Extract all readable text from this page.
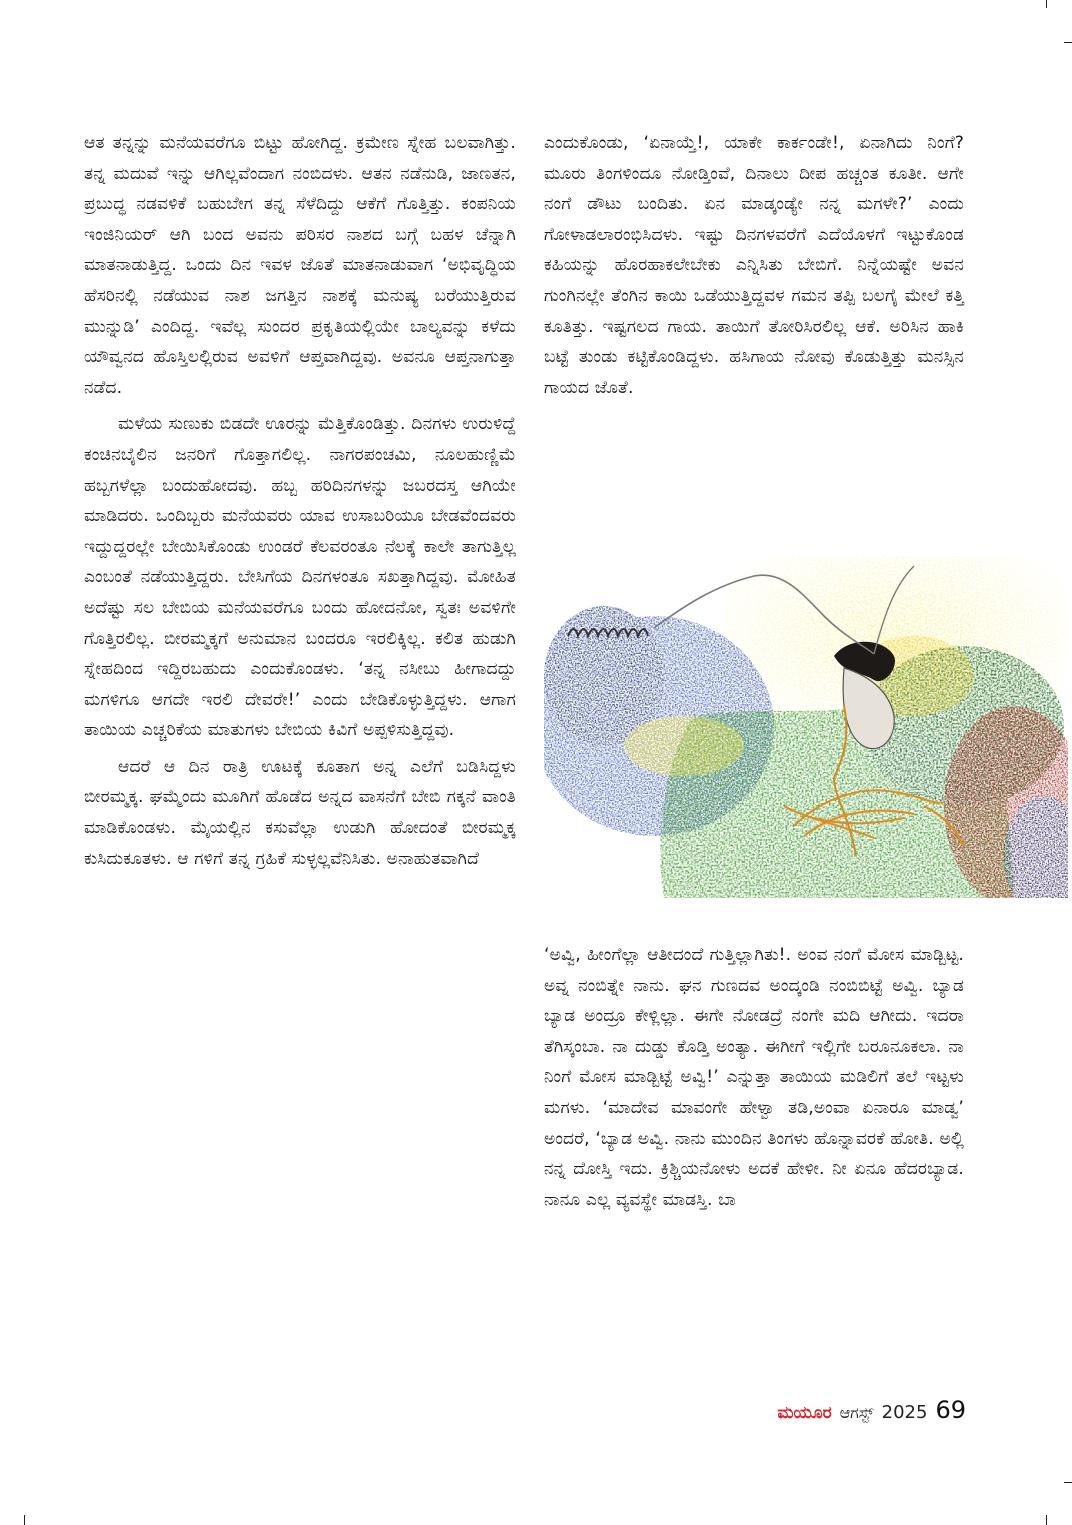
ಆತ ತನ್ನನ್ನು ಮನೆಯವರೆಗೂ ಬಿಟ್ಟು ಹೋಗಿದ್ದ. ಕ್ರಮೇಣ ಸ್ನೇಹ ಬಲವಾಗಿತ್ತು. ತನ್ನ ಮದುವೆ ಇನ್ನು ಆಗಿಲ್ಲವೆಂದಾಗ ನಂಬಿದಳು. ಆತನ ನಡೆನುಡಿ, ಜಾಣತನ, ಪ್ರಬುದ್ಧ ನಡವಳಿಕೆ ಬಹುಬೇಗ ತನ್ನ ಸೆಳೆದಿದ್ದು ಆಕೆಗೆ ಗೊತ್ತಿತ್ತು. ಕಂಪನಿಯ ಇಂಜಿನಿಯರ್ ಆಗಿ ಬಂದ ಅವನು ಪರಿಸರ ನಾಶದ ಬಗ್ಗೆ ಬಹಳ ಚೆನ್ನಾಗಿ ಮಾತನಾಡುತ್ತಿದ್ದ. ಒಂದು ದಿನ ಇವಳ ಜೊತೆ ಮಾತನಾಡುವಾಗ ‘ಅಭಿವೃದ್ಧಿಯ ಹೆಸರಿನಲ್ಲಿ ನಡೆಯುವ ನಾಶ ಜಗತ್ತಿನ ನಾಶಕ್ಕೆ ಮನುಷ್ಯ ಬರೆಯುತ್ತಿರುವ ಮುನ್ನುಡಿ’ ಎಂದಿದ್ದ. ಇವೆಲ್ಲ ಸುಂದರ ಪ್ರಕೃತಿಯಲ್ಲಿಯೇ ಬಾಲ್ಯವನ್ನು ಕಳೆದು ಯೌವ್ವನದ ಹೊಸ್ತಿಲಲ್ಲಿರುವ ಅವಳಿಗೆ ಆಪ್ತವಾಗಿದ್ದವು. ಅವನೂ ಆಪ್ತನಾಗುತ್ತಾ ನಡೆದ.

ಮಳೆಯ ಸುಣುಕು ಬಿಡದೇ ಊರನ್ನು ಮೆತ್ತಿಕೊಂಡಿತ್ತು. ದಿನಗಳು ಉರುಳಿದ್ದೆ ಕಂಚಿನಬೈಲಿನ ಜನರಿಗೆ ಗೊತ್ತಾಗಲಿಲ್ಲ. ನಾಗರಪಂಚಮಿ, ನೂಲಹುಣ್ಣಿಮೆ ಹಬ್ಬಗಳೆಲ್ಲಾ ಬಂದುಹೋದವು. ಹಬ್ಬ ಹರಿದಿನಗಳನ್ನು ಜಬರದಸ್ತ ಆಗಿಯೇ ಮಾಡಿದರು. ಒಂದಿಬ್ಬರು ಮನೆಯವರು ಯಾವ ಉಸಾಬರಿಯೂ ಬೇಡವೆಂದವರು ಇದ್ದುದ್ದರಲ್ಲೇ ಬೇಯಿಸಿಕೊಂಡು ಉಂಡರೆ ಕೆಲವರಂತೂ ನೆಲಕ್ಕೆ ಕಾಲೇ ತಾಗುತ್ತಿಲ್ಲ ಎಂಬಂತೆ ನಡೆಯುತ್ತಿದ್ದರು. ಬೇಸಿಗೆಯ ದಿನಗಳಂತೂ ಸಖತ್ತಾಗಿದ್ದವು. ಮೋಹಿತ ಅದೆಷ್ಟು ಸಲ ಬೇಬಿಯ ಮನೆಯವರೆಗೂ ಬಂದು ಹೋದನೋ, ಸ್ವತಃ ಅವಳಿಗೇ ಗೊತ್ತಿರಲಿಲ್ಲ. ಬೀರಮ್ಮಕ್ಕಗೆ ಅನುಮಾನ ಬಂದರೂ ಇರಲಿಕ್ಕಿಲ್ಲ. ಕಲಿತ ಹುಡುಗಿ ಸ್ನೇಹದಿಂದ ಇದ್ದಿರಬಹುದು ಎಂದುಕೊಂಡಳು. ‘ತನ್ನ ನಸೀಬು ಹೀಗಾದದ್ದು ಮಗಳಿಗೂ ಆಗದೇ ಇರಲಿ ದೇವರೇ!’ ಎಂದು ಬೇಡಿಕೊಳ್ಳುತ್ತಿದ್ದಳು. ಆಗಾಗ ತಾಯಿಯ ಎಚ್ಚರಿಕೆಯ ಮಾತುಗಳು ಬೇಬಿಯ ಕಿವಿಗೆ ಅಪ್ಪಳಿಸುತ್ತಿದ್ದವು.

ಆದರೆ ಆ ದಿನ ರಾತ್ರಿ ಊಟಕ್ಕೆ ಕೂತಾಗ ಅನ್ನ ಎಲೆಗೆ ಬಡಿಸಿದ್ದಳು ಬೀರಮ್ಮಕ್ಕ. ಘಮ್ಮೆಂದು ಮೂಗಿಗೆ ಹೊಡೆದ ಅನ್ನದ ವಾಸನೆಗೆ ಬೇಬಿ ಗಕ್ಕನೆ ವಾಂತಿ ಮಾಡಿಕೊಂಡಳು. ಮೈಯಲ್ಲಿನ ಕಸುವೆಲ್ಲಾ ಉಡುಗಿ ಹೋದಂತೆ ಬೀರಮ್ಮಕ್ಕ ಕುಸಿದುಕೂತಳು. ಆ ಗಳಿಗೆ ತನ್ನ ಗ್ರಹಿಕೆ ಸುಳ್ಳಲ್ಲವೆನಿಸಿತು. ಅನಾಹುತವಾಗಿದೆ

ಎಂದುಕೊಂಡು, ‘ಏನಾಯ್ತೆ!, ಯಾಕೇ ಕಾರ್ಕಂಡೇ!, ಏನಾಗಿದು ನಿಂಗೆ? ಮೂರು ತಿಂಗಳಿಂದೂ ನೋಡ್ತಿಂವೆ, ದಿನಾಲು ದೀಪ ಹಚ್ಚಂತ ಕೂತೀ. ಆಗೇ ನಂಗೆ ಡೌಟು ಬಂದಿತು. ಏನ ಮಾಡ್ಕಂಡ್ಯೇ ನನ್ನ ಮಗಳೇ?’ ಎಂದು ಗೋಳಾಡಲಾರಂಭಿಸಿದಳು. ಇಷ್ಟು ದಿನಗಳವರೆಗೆ ಎದೆಯೊಳಗೆ ಇಟ್ಟುಕೊಂಡ ಕಹಿಯನ್ನು ಹೊರಹಾಕಲೇಬೇಕು ಎನ್ನಿಸಿತು ಬೇಬಿಗೆ. ನಿನ್ನೆಯಷ್ಟೇ ಅವನ ಗುಂಗಿನಲ್ಲೇ ತೆಂಗಿನ ಕಾಯಿ ಒಡೆಯುತ್ತಿದ್ದವಳ ಗಮನ ತಪ್ಪಿ ಬಲಗೈ ಮೇಲೆ ಕತ್ತಿ ಕೂತಿತ್ತು. ಇಷ್ಟಗಲದ ಗಾಯ. ತಾಯಿಗೆ ತೋರಿಸಿರಲಿಲ್ಲ ಆಕೆ. ಅರಿಸಿನ ಹಾಕಿ ಬಟ್ಟೆ ತುಂಡು ಕಟ್ಟಿಕೊಂಡಿದ್ದಳು. ಹಸಿಗಾಯ ನೋವು ಕೊಡುತ್ತಿತ್ತು ಮನಸ್ಸಿನ ಗಾಯದ ಜೊತೆ.

‘ಅವ್ವಿ, ಹೀಂಗೆಲ್ಲಾ ಆತೀದಂದೆ ಗುತ್ತಿಲ್ಲಾಗಿತು!. ಅಂವ ನಂಗೆ ಮೋಸ ಮಾಡ್ಬಿಟ್ಟ. ಅವ್ನ ನಂಬಿತ್ನೇ ನಾನು. ಘನ ಗುಣದವ ಅಂದ್ಕಂಡಿ ನಂಬಿಬಿಟ್ಟೆ ಅವ್ವಿ. ಬ್ಯಾಡ ಬ್ಯಾಡ ಅಂದ್ರೂ ಕೇಳ್ಲಿಲ್ಲಾ. ಈಗೇ ನೋಡದ್ರೆ ನಂಗೇ ಮದಿ ಆಗೀದು. ಇದರಾ ತೆಗಿಸ್ಕಂಬಾ. ನಾ ದುಡ್ಡು ಕೊಡ್ತಿ ಅಂತ್ಯಾ. ಈಗೀಗೆ ಇಲ್ಲಿಗೇ ಬರೂನೂಕಲಾ. ನಾ ನಿಂಗೆ ಮೋಸ ಮಾಡ್ಬಿಟ್ಟೆ ಅವ್ವಿ!’ ಎನ್ನುತ್ತಾ ತಾಯಿಯ ಮಡಿಲಿಗೆ ತಲೆ ಇಟ್ಟಳು ಮಗಳು. ‘ಮಾದೇವ ಮಾವಂಗೇ ಹೇಳ್ವಾ ತಡಿ,ಅಂವಾ ಏನಾರೂ ಮಾಡ್ವ’ ಅಂದರೆ, ‘ಬ್ಯಾಡ ಅವ್ವಿ. ನಾನು ಮುಂದಿನ ತಿಂಗಳು ಹೊನ್ನಾವರಕೆ ಹೋತಿ. ಅಲ್ಲಿ ನನ್ನ ದೋಸ್ತಿ ಇದು. ಕ್ರಿಶ್ಚಿಯನೋಳು ಅದಕೆ ಹೇಳೀ. ನೀ ಏನೂ ಹೆದರಬ್ಯಾಡ. ನಾನೂ ಎಲ್ಲ ವ್ಯವಸ್ಥೇ ಮಾಡಸ್ತಿ. ಬಾ

ಮಯೂರ ಆಗಸ್ಟ್ 2025 69
